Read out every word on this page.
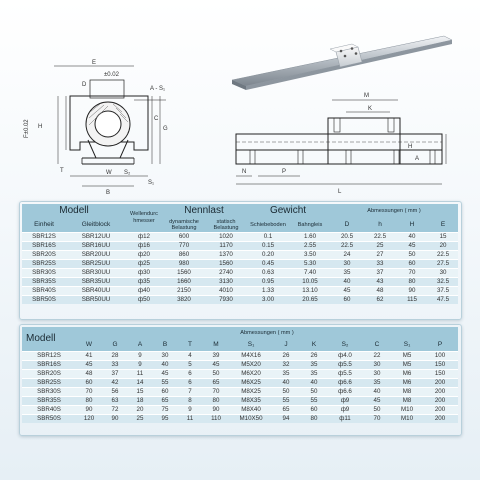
E
A - S₁
D
±0.02
F±0.02 H
C
G
T	W
B
S₂
S₁
M
K
H
A
N	P
L
Modell		Wellendurc
hmesser	Nennlast		Gewicht		Abmessungen ( mm )			
Einheit	Gleitblock		dynamische
Belastung	statisch
Belastung	Schiebeboden	Bahngleis	D	h	H	E
SBR12S	SBR12UU	ф12	600	1020	0.1	1.60	20.5	22.5	40	15
SBR16S	SBR16UU	ф16	770	1170	0.15	2.55	22.5	25	45	20
SBR20S	SBR20UU	ф20	860	1370	0.20	3.50	24	27	50	22.5
SBR25S	SBR25UU	ф25	980	1560	0.45	5.30	30	33	60	27.5
SBR30S	SBR30UU	ф30	1560	2740	0.63	7.40	35	37	70	30
SBR35S	SBR35UU	ф35	1660	3130	0.95	10.05	40	43	80	32.5
SBR40S	SBR40UU	ф40	2150	4010	1.33	13.10	45	48	90	37.5
SBR50S	SBR50UU	ф50	3820	7930	3.00	20.65	60	62	115	47.5
Modell	Abmessungen ( mm )												
	W	G	A	B	T	M	S₁	J	K	S₂	C	S₁	P
SBR12S	41	28	9	30	4	39	M4X16	26	26	ф4.0	22	M5	100
SBR16S	45	33	9	40	5	45	M5X20	32	35	ф5.5	30	M5	150
SBR20S	48	37	11	45	6	50	M6X20	35	35	ф5.5	30	M6	150
SBR25S	60	42	14	55	6	65	M6X25	40	40	ф6.6	35	M6	200
SBR30S	70	56	15	60	7	70	M8X25	50	50	ф6.6	40	M8	200
SBR35S	80	63	18	65	8	80	M8X35	55	55	ф9	45	M8	200
SBR40S	90	72	20	75	9	90	M8X40	65	60	ф9	50	M10	200
SBR50S	120	90	25	95	11	110	M10X50	94	80	ф11	70	M10	200
